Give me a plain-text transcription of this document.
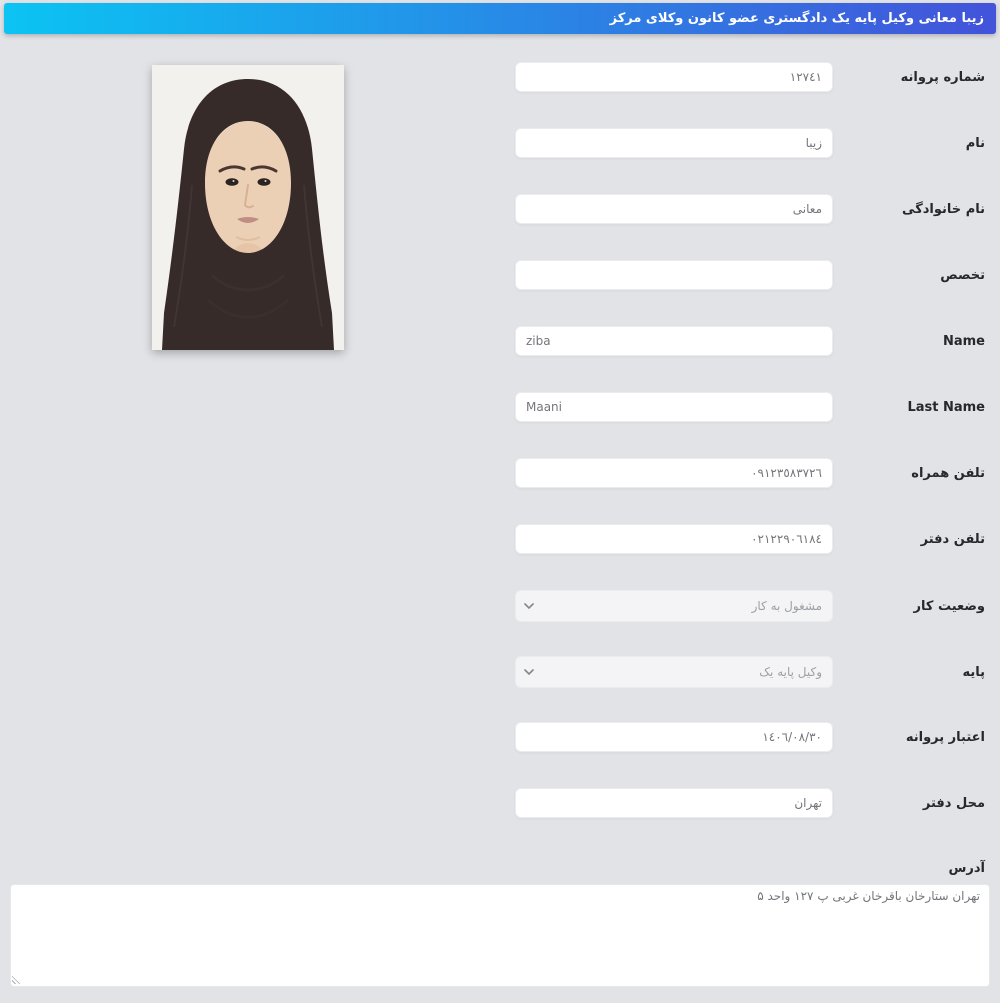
زیبا معانی وکیل پایه یک دادگستری عضو کانون وکلای مرکز
شماره پروانه
١٢٧٤١
نام
زیبا
نام خانوادگی
معانی
تخصص
Name
ziba
Last Name
Maani
تلفن همراه
٠٩١٢٣٥٨٣٧٢٦
تلفن دفتر
٠٢١٢٢٩٠٦١٨٤
وضعیت کار
مشغول به کار
پایه
وکیل پایه یک
اعتبار پروانه
١٤٠٦/٠٨/٣٠
محل دفتر
تهران
آدرس
تهران ستارخان باقرخان غربی پ ۱۲۷ واحد ۵
